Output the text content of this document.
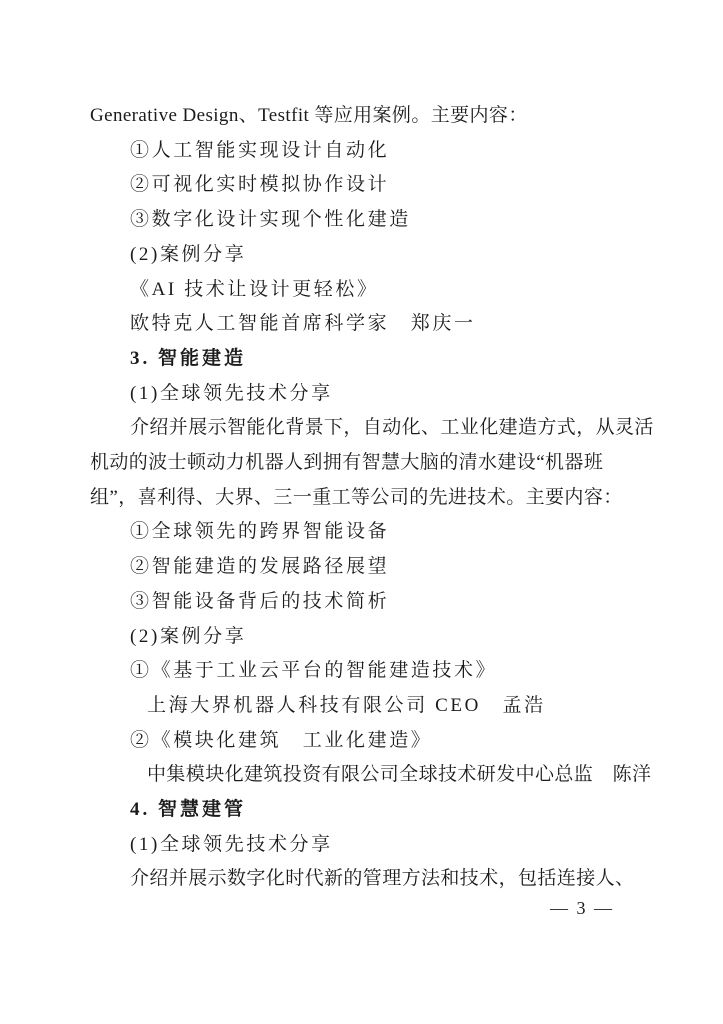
Generative Design、Testfit 等应用案例。主要内容：
①人工智能实现设计自动化
②可视化实时模拟协作设计
③数字化设计实现个性化建造
(2)案例分享
《AI 技术让设计更轻松》
欧特克人工智能首席科学家　郑庆一
3. 智能建造
(1)全球领先技术分享
介绍并展示智能化背景下，自动化、工业化建造方式，从灵活
机动的波士顿动力机器人到拥有智慧大脑的清水建设“机器班
组”，喜利得、大界、三一重工等公司的先进技术。主要内容：
①全球领先的跨界智能设备
②智能建造的发展路径展望
③智能设备背后的技术简析
(2)案例分享
①《基于工业云平台的智能建造技术》
上海大界机器人科技有限公司 CEO　孟浩
②《模块化建筑　工业化建造》
中集模块化建筑投资有限公司全球技术研发中心总监　陈洋
4. 智慧建管
(1)全球领先技术分享
介绍并展示数字化时代新的管理方法和技术，包括连接人、
— 3 —
